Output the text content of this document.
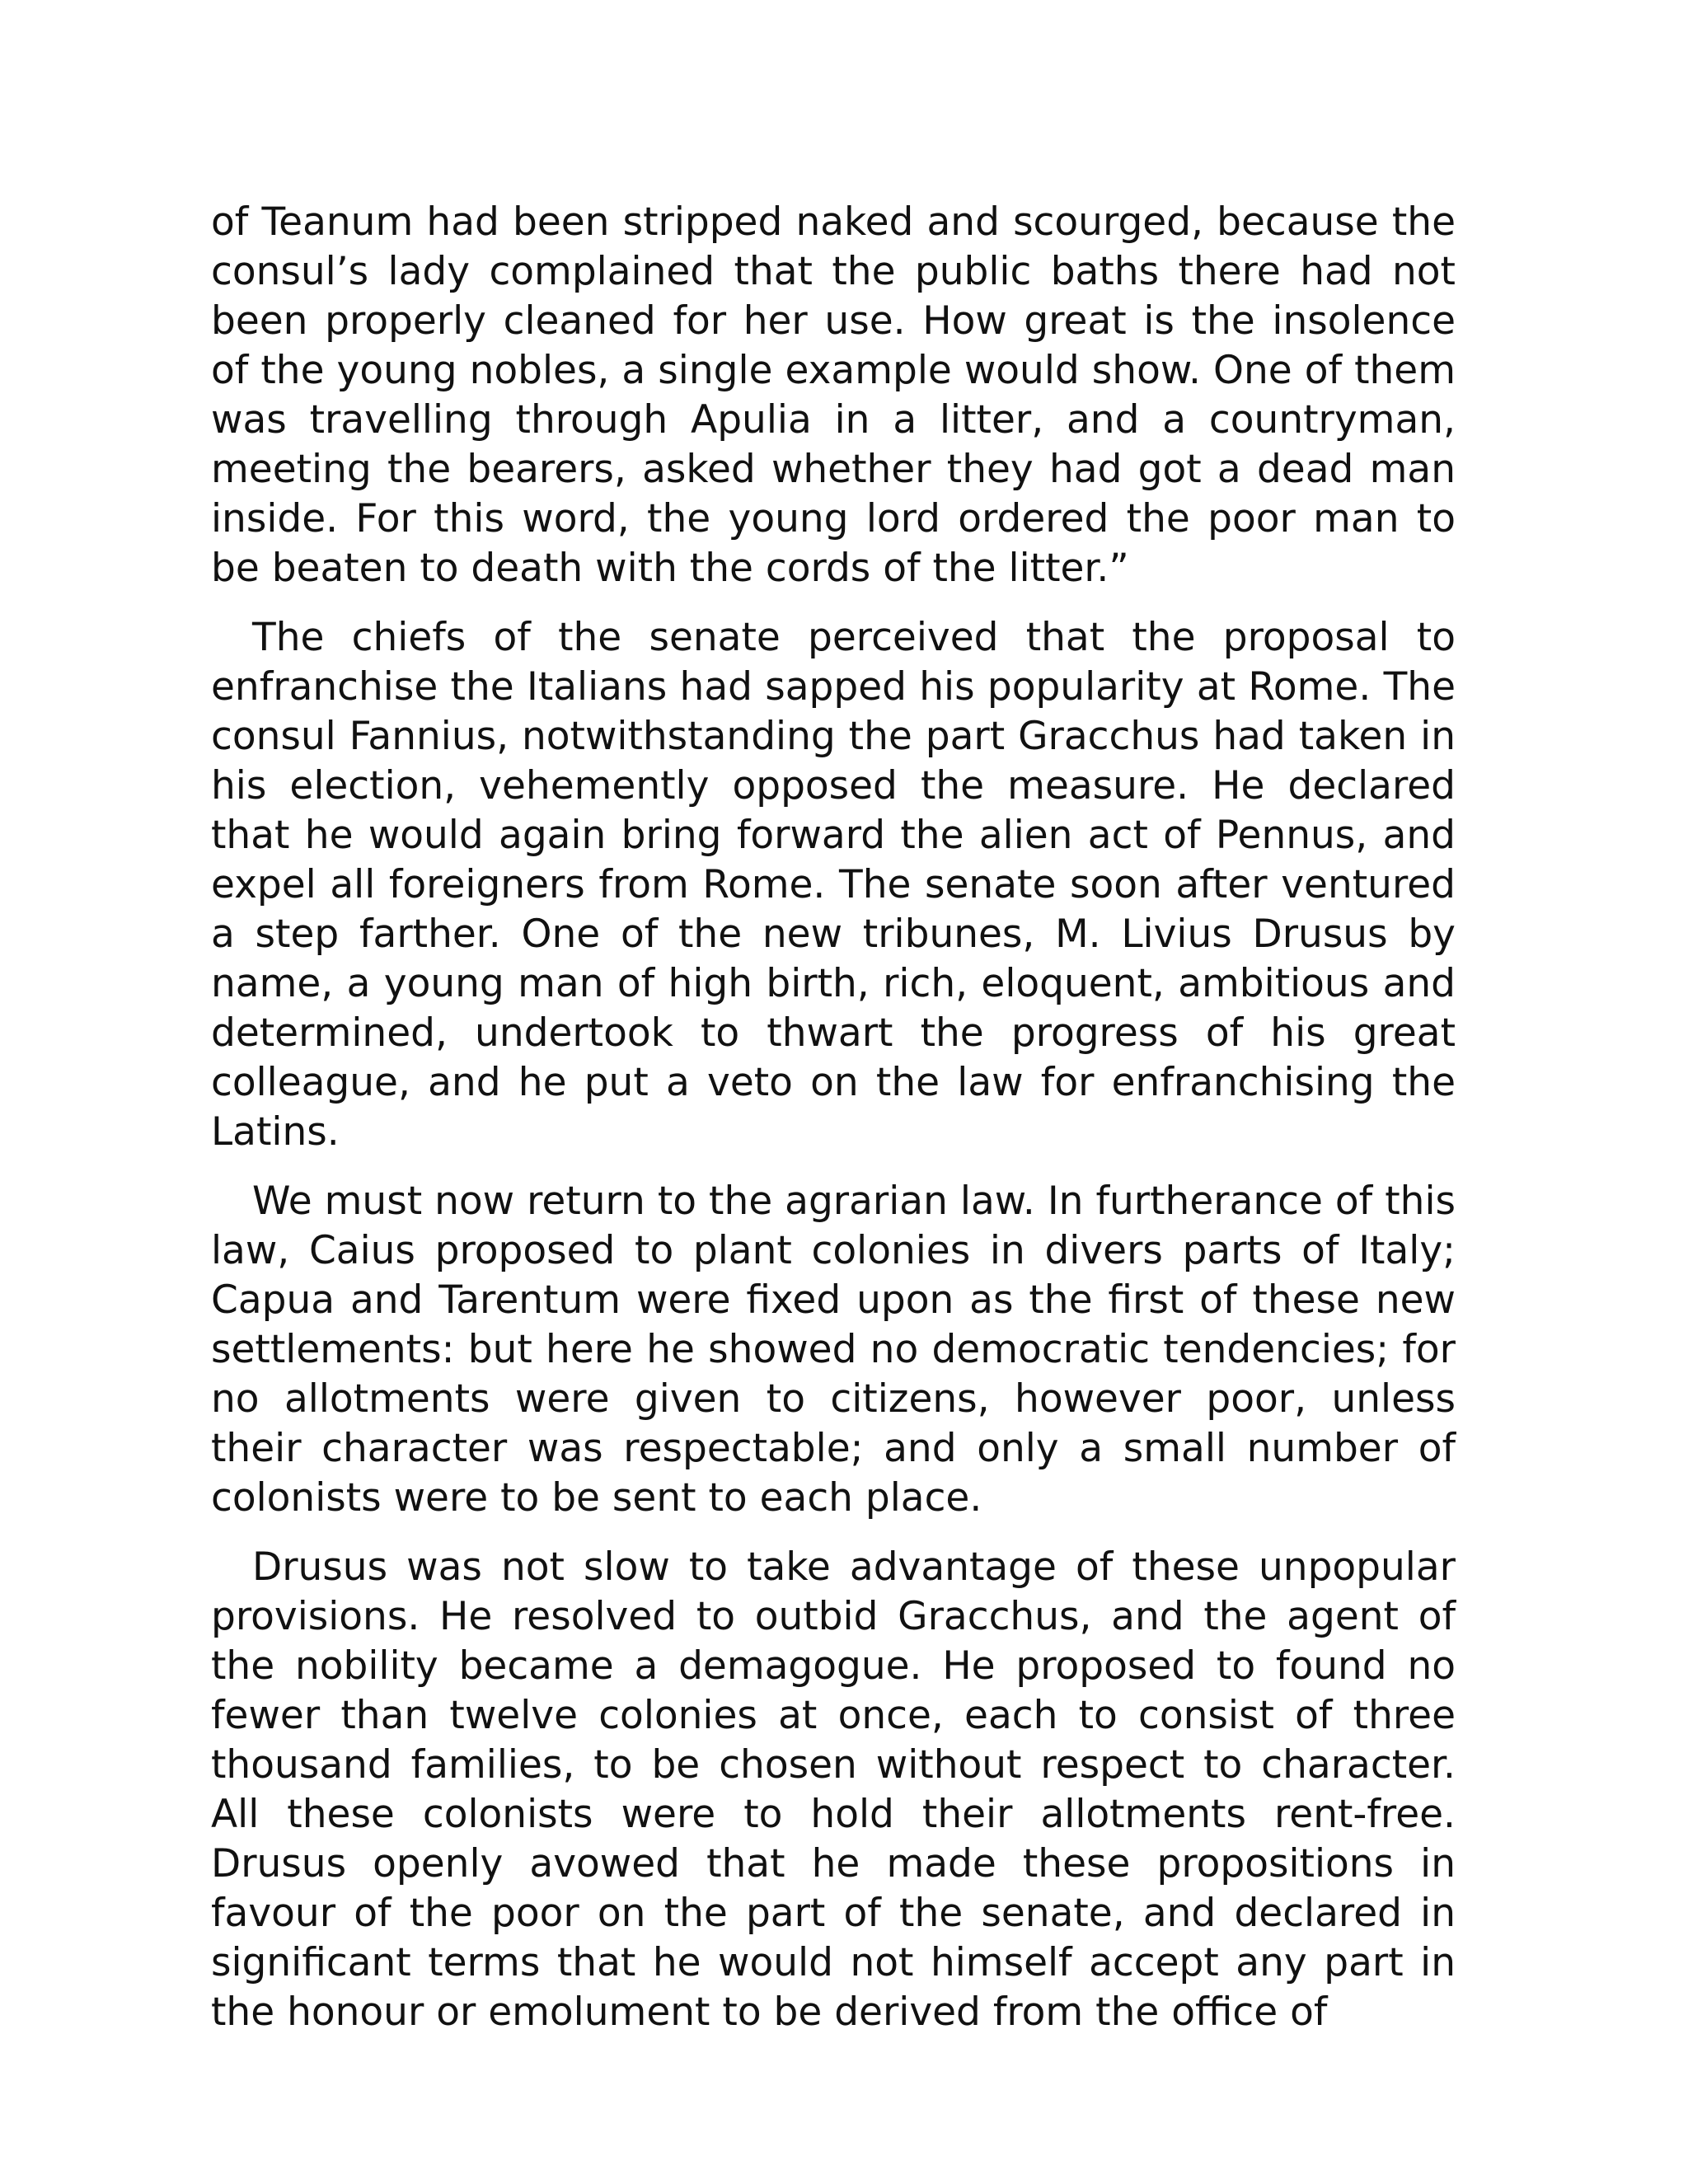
of Teanum had been stripped naked and scourged, because the consul’s lady complained that the public baths there had not been properly cleaned for her use. How great is the insolence of the young nobles, a single example would show. One of them was travelling through Apulia in a litter, and a countryman, meeting the bearers, asked whether they had got a dead man inside. For this word, the young lord ordered the poor man to be beaten to death with the cords of the litter.”

The chiefs of the senate perceived that the proposal to enfranchise the Italians had sapped his popularity at Rome. The consul Fannius, notwithstanding the part Gracchus had taken in his election, vehemently opposed the measure. He declared that he would again bring forward the alien act of Pennus, and expel all foreigners from Rome. The senate soon after ventured a step farther. One of the new tribunes, M. Livius Drusus by name, a young man of high birth, rich, eloquent, ambitious and determined, undertook to thwart the progress of his great colleague, and he put a veto on the law for enfranchising the Latins.

We must now return to the agrarian law. In furtherance of this law, Caius proposed to plant colonies in divers parts of Italy; Capua and Tarentum were fixed upon as the first of these new settlements: but here he showed no democratic tendencies; for no allotments were given to citizens, however poor, unless their character was respectable; and only a small number of colonists were to be sent to each place.

Drusus was not slow to take advantage of these unpopular provisions. He resolved to outbid Gracchus, and the agent of the nobility became a demagogue. He proposed to found no fewer than twelve colonies at once, each to consist of three thousand families, to be chosen without respect to character. All these colonists were to hold their allotments rent-free. Drusus openly avowed that he made these propositions in favour of the poor on the part of the senate, and declared in significant terms that he would not himself accept any part in the honour or emolument to be derived from the office of
